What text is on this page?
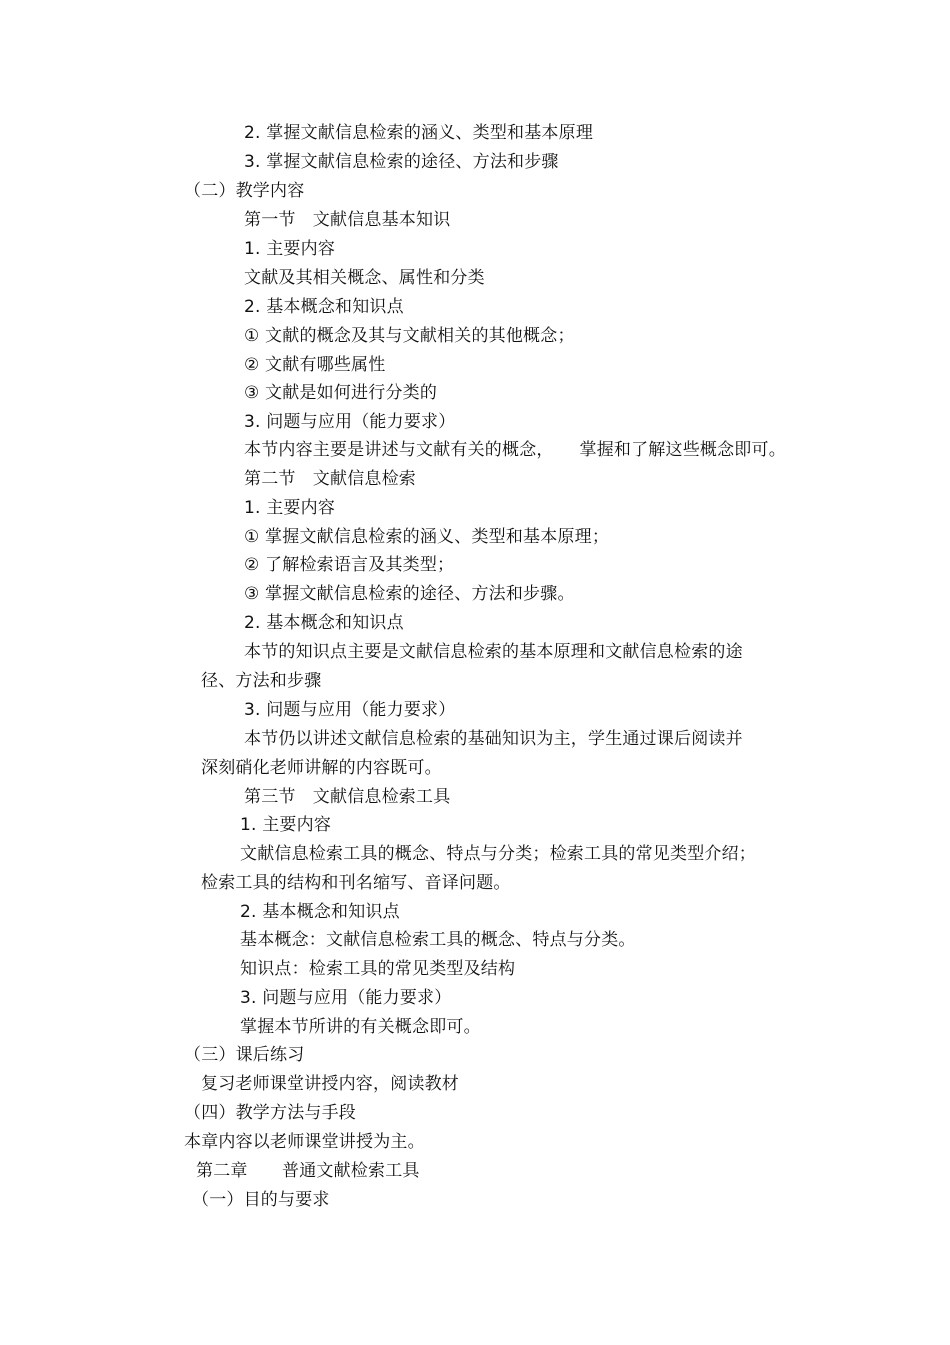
2. 掌握文献信息检索的涵义、类型和基本原理
3. 掌握文献信息检索的途径、方法和步骤
（二）教学内容
第一节　文献信息基本知识
1. 主要内容
文献及其相关概念、属性和分类
2. 基本概念和知识点
① 文献的概念及其与文献相关的其他概念；
② 文献有哪些属性
③ 文献是如何进行分类的
3. 问题与应用（能力要求）
本节内容主要是讲述与文献有关的概念，　　掌握和了解这些概念即可。
第二节　文献信息检索
1. 主要内容
① 掌握文献信息检索的涵义、类型和基本原理；
② 了解检索语言及其类型；
③ 掌握文献信息检索的途径、方法和步骤。
2. 基本概念和知识点
本节的知识点主要是文献信息检索的基本原理和文献信息检索的途
径、方法和步骤
3. 问题与应用（能力要求）
本节仍以讲述文献信息检索的基础知识为主，学生通过课后阅读并
深刻硝化老师讲解的内容既可。
第三节　文献信息检索工具
1. 主要内容
文献信息检索工具的概念、特点与分类；检索工具的常见类型介绍；
检索工具的结构和刊名缩写、音译问题。
2. 基本概念和知识点
基本概念：文献信息检索工具的概念、特点与分类。
知识点：检索工具的常见类型及结构
3. 问题与应用（能力要求）
掌握本节所讲的有关概念即可。
（三）课后练习
复习老师课堂讲授内容，阅读教材
（四）教学方法与手段
本章内容以老师课堂讲授为主。
第二章　　普通文献检索工具
（一）目的与要求
